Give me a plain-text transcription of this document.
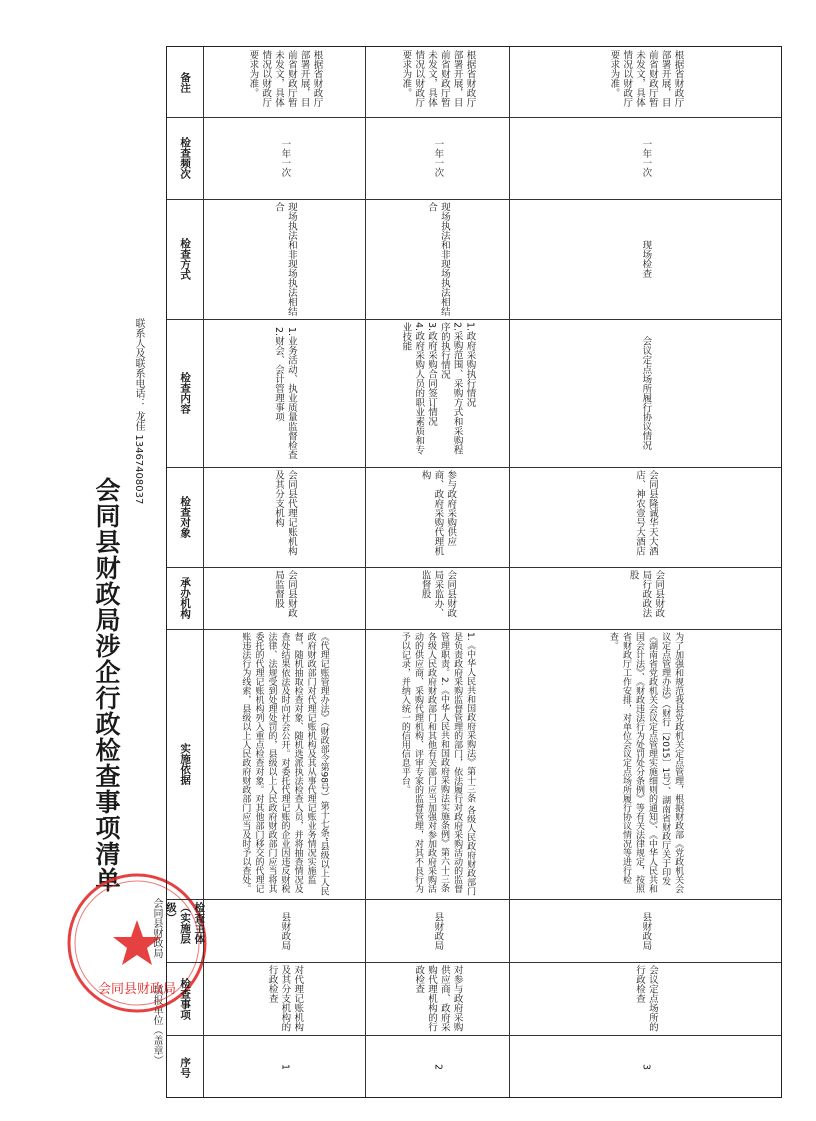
会同县财政局涉企行政检查事项清单
联系人及联系电话： 龙佳 13467408037
填报单位（盖章）
会同县财政局
序号
检查事项
检查主体（实施层级）
实施依据
承办机构
检查对象
检查内容
检查方式
检查频次
备注
1
对代理记账机构及其分支机构的行政检查
县财政局
《代理记账管理办法》（财政部令第98号）第十七条“县级以上人民政府财政部门对代理记账机构及其从事代理记账业务情况实施监督，随机抽取检查对象、随机选派执法检查人员，并将抽查情况及查处结果依法及时向社会公开。对委托代理记账的企业因违反财税法律、法规受到处理处罚的，县级以上人民政府财政部门应当将其委托的代理记账机构列入重点检查对象。对其他部门移交的代理记账违法行为线索，县级以上人民政府财政部门应当及时予以查处。
会同县财政局监督股
会同县代理记账机构及其分支机构
1.业务活动、执业质量监督检查
2.财会、会计管理事项
现场执法和非现场执法相结合
一年一次
根据省财政厅部署开展，目前省财政厅暂未发文，具体情况以财政厅要求为准。
2
对参与政府采购供应商、政府采购代理机构的行政检查
县财政局
1.《中华人民共和国政府采购法》第十三条 各级人民政府财政部门是负责政府采购监督管理的部门，依法履行对政府采购活动的监督管理职责。2.《中华人民共和国政府采购法实施条例》第六十三条 各级人民政府财政部门和其他有关部门应当加强对参加政府采购活动的供应商、采购代理机构、评审专家的监督管理，对其不良行为予以记录，并纳入统一的信用信息平台。
会同县财政局采监办、监督股
参与政府采购供应商、政府采购代理机构
1.政府采购执行情况
2.采购范围、采购方式和采购程序的执行情况
3.政府采购合同签订情况
4.政府采购人员的职业素质和专业技能
现场执法和非现场执法相结合
一年一次
根据省财政厅部署开展，目前省财政厅暂未发文，具体情况以财政厅要求为准。
3
会议定点场所的行政检查
县财政局
为了加强和规范我县党政机关定点管理，根据财政部《党政机关会议定点管理办法》（财行〔2015〕1号）、湖南省财政厅关于印发《湖南省党政机关会议定点管理实施细则的通知》、《中华人民共和国会计法》、《财政违法行为处罚处分条例》等有关法律规定，按照省财政厅工作安排，对单位会议定点场所履行协议情况等进行检查。
会同县财政局行政政法股
会同县隆诚华天大酒店、神农壹号大酒店
会议定点场所履行协议情况
现场检查
一年一次
根据省财政厅部署开展，目前省财政厅暂未发文，具体情况以财政厅要求为准。
会同县财政局
